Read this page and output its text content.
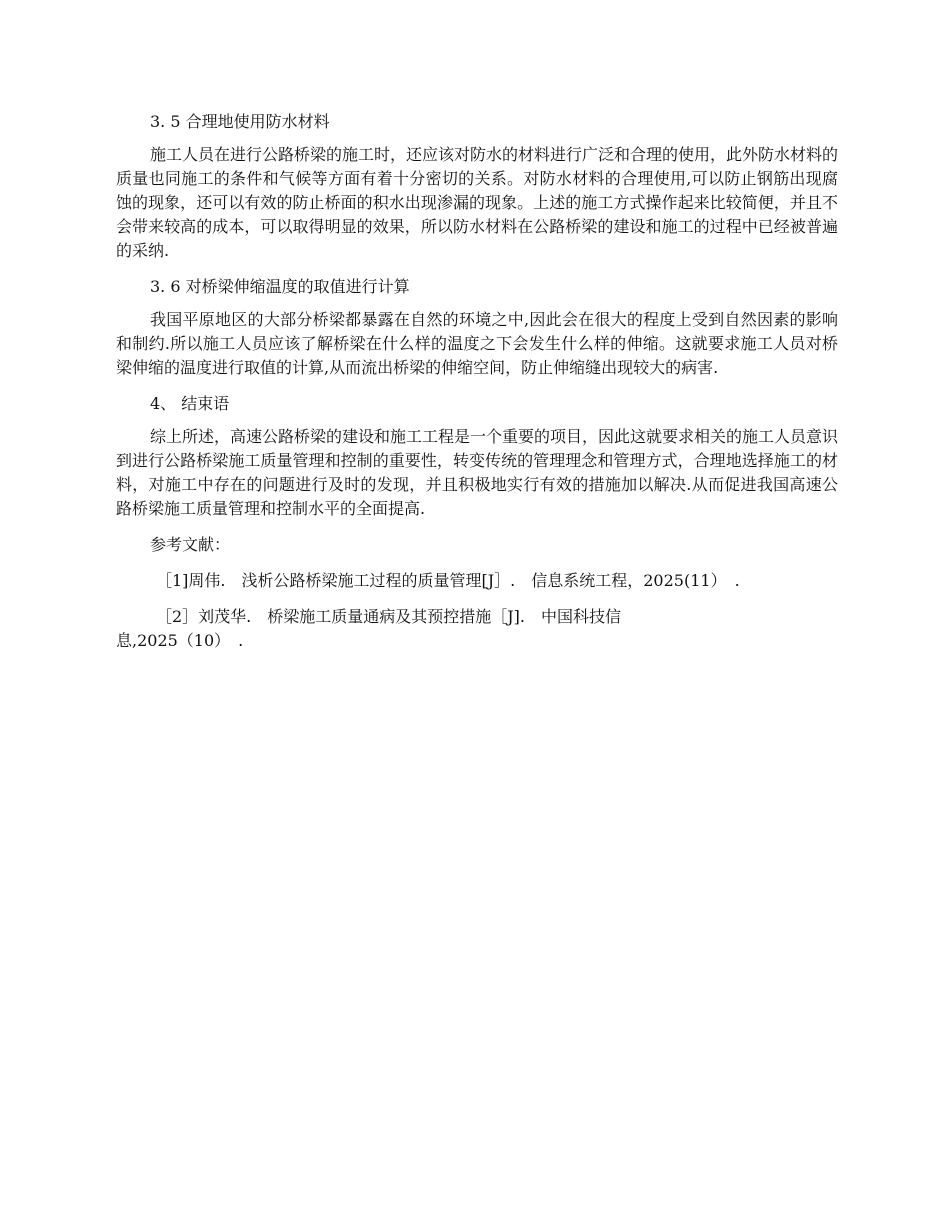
3. 5 合理地使用防水材料

施工人员在进行公路桥梁的施工时，还应该对防水的材料进行广泛和合理的使用，此外防水材料的质量也同施工的条件和气候等方面有着十分密切的关系。对防水材料的合理使用,可以防止钢筋出现腐蚀的现象，还可以有效的防止桥面的积水出现渗漏的现象。上述的施工方式操作起来比较简便，并且不会带来较高的成本，可以取得明显的效果，所以防水材料在公路桥梁的建设和施工的过程中已经被普遍的采纳.

3. 6 对桥梁伸缩温度的取值进行计算

我国平原地区的大部分桥梁都暴露在自然的环境之中,因此会在很大的程度上受到自然因素的影响和制约.所以施工人员应该了解桥梁在什么样的温度之下会发生什么样的伸缩。这就要求施工人员对桥梁伸缩的温度进行取值的计算,从而流出桥梁的伸缩空间，防止伸缩缝出现较大的病害.

4、 结束语

综上所述，高速公路桥梁的建设和施工工程是一个重要的项目，因此这就要求相关的施工人员意识到进行公路桥梁施工质量管理和控制的重要性，转变传统的管理理念和管理方式，合理地选择施工的材料，对施工中存在的问题进行及时的发现，并且积极地实行有效的措施加以解决.从而促进我国高速公路桥梁施工质量管理和控制水平的全面提高.

参考文献：

［1]周伟.　浅析公路桥梁施工过程的质量管理[J］.　信息系统工程，2025(11）　.

［2］刘茂华.　桥梁施工质量通病及其预控措施［J].　中国科技信
息,2025（10）　.
